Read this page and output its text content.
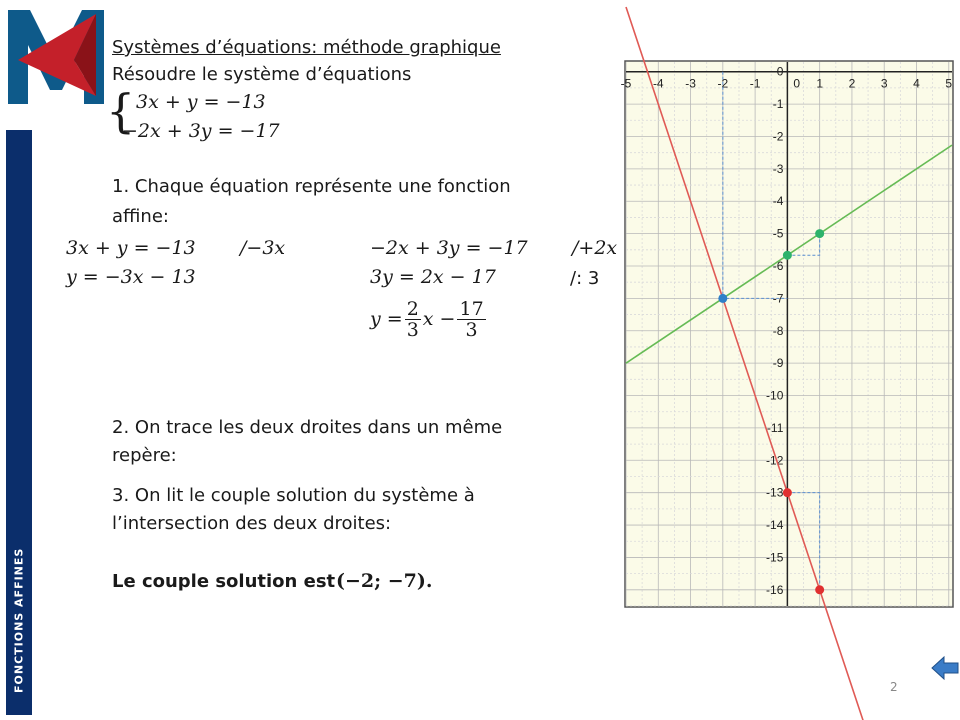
FONCTIONS AFFINES
Systèmes d’équations: méthode graphique
Résoudre le système d’équations
{ 3x + y = −13
−2x + 3y = −17
1. Chaque équation représente une fonction
affine:
3x + y = −13 /−3x
y = −3x − 13
−2x + 3y = −17 /+2x
3y = 2x − 17	/: 3
$y = \frac{2}{3}$ $x - \frac{17}{3}$
2. On trace les deux droites dans un même
repère:
3. On lit le couple solution du système à
l’intersection des deux droites:
Le couple solution est (−2; −7).
-5 -4 -3 -2 -1	1 2 3 4 5
0
0
-1
-2
-3
-4
-5
-6
-7
-8
-9
-10
-11
-12
-13
-14
-15
-16
2
